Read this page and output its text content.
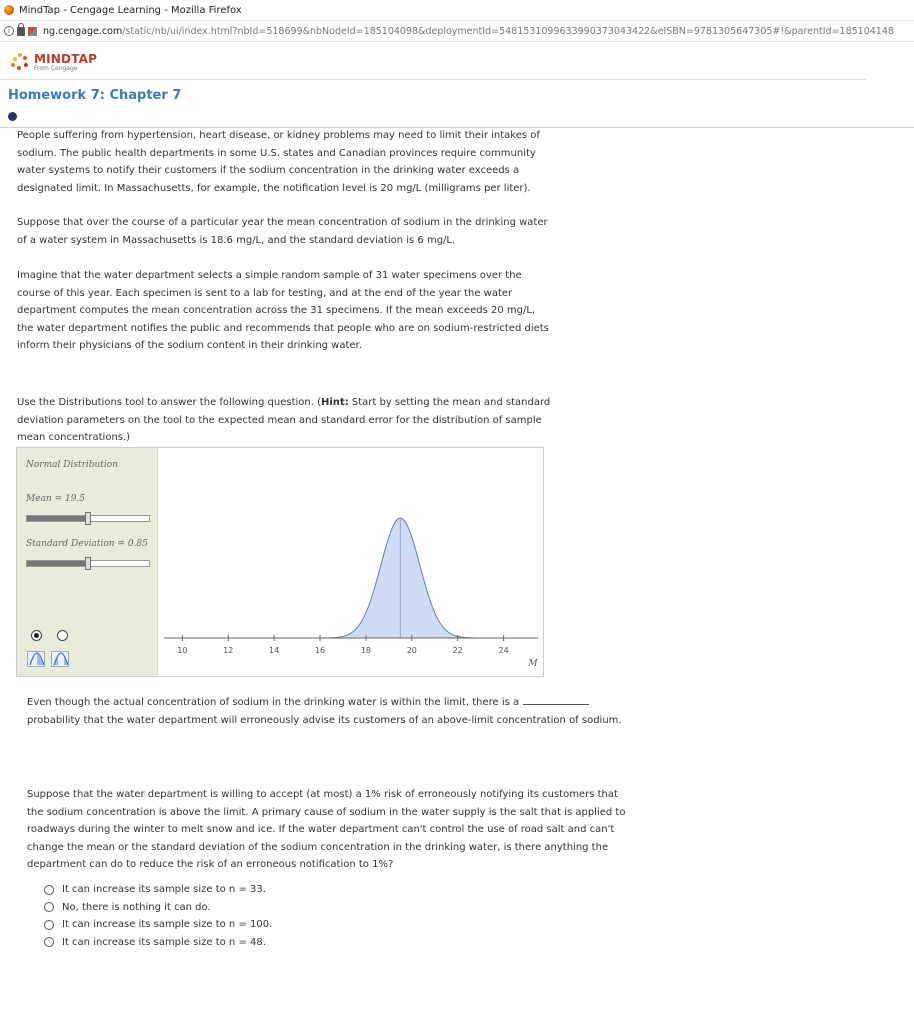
MindTap - Cengage Learning - Mozilla Firefox
i	ng.cengage.com /static/nb/ui/index.html?nbId=518699&nbNodeId=185104098&deploymentId=5481531099633990373043422&eISBN=9781305647305#!&parentId=185104148
MINDTAP
From Cengage
Homework 7: Chapter 7
People suffering from hypertension, heart disease, or kidney problems may need to limit their intakes of sodium. The public health departments in some U.S. states and Canadian provinces require community water systems to notify their customers if the sodium concentration in the drinking water exceeds a designated limit. In Massachusetts, for example, the notification level is 20 mg/L (milligrams per liter).
Suppose that over the course of a particular year the mean concentration of sodium in the drinking water of a water system in Massachusetts is 18.6 mg/L, and the standard deviation is 6 mg/L.
Imagine that the water department selects a simple random sample of 31 water specimens over the course of this year. Each specimen is sent to a lab for testing, and at the end of the year the water department computes the mean concentration across the 31 specimens. If the mean exceeds 20 mg/L, the water department notifies the public and recommends that people who are on sodium-restricted diets inform their physicians of the sodium content in their drinking water.
Use the Distributions tool to answer the following question. (Hint: Start by setting the mean and standard deviation parameters on the tool to the expected mean and standard error for the distribution of sample mean concentrations.)
Normal Distribution
Mean = 19.5
Standard Deviation = 0.85
10	12	14	16	18	20	22	24
M
Even though the actual concentration of sodium in the drinking water is within the limit, there is a probability that the water department will erroneously advise its customers of an above-limit concentration of sodium.
Suppose that the water department is willing to accept (at most) a 1% risk of erroneously notifying its customers that the sodium concentration is above the limit. A primary cause of sodium in the water supply is the salt that is applied to roadways during the winter to melt snow and ice. If the water department can't control the use of road salt and can't change the mean or the standard deviation of the sodium concentration in the drinking water, is there anything the department can do to reduce the risk of an erroneous notification to 1%?
It can increase its sample size to n = 33.
No, there is nothing it can do.
It can increase its sample size to n = 100.
It can increase its sample size to n = 48.
